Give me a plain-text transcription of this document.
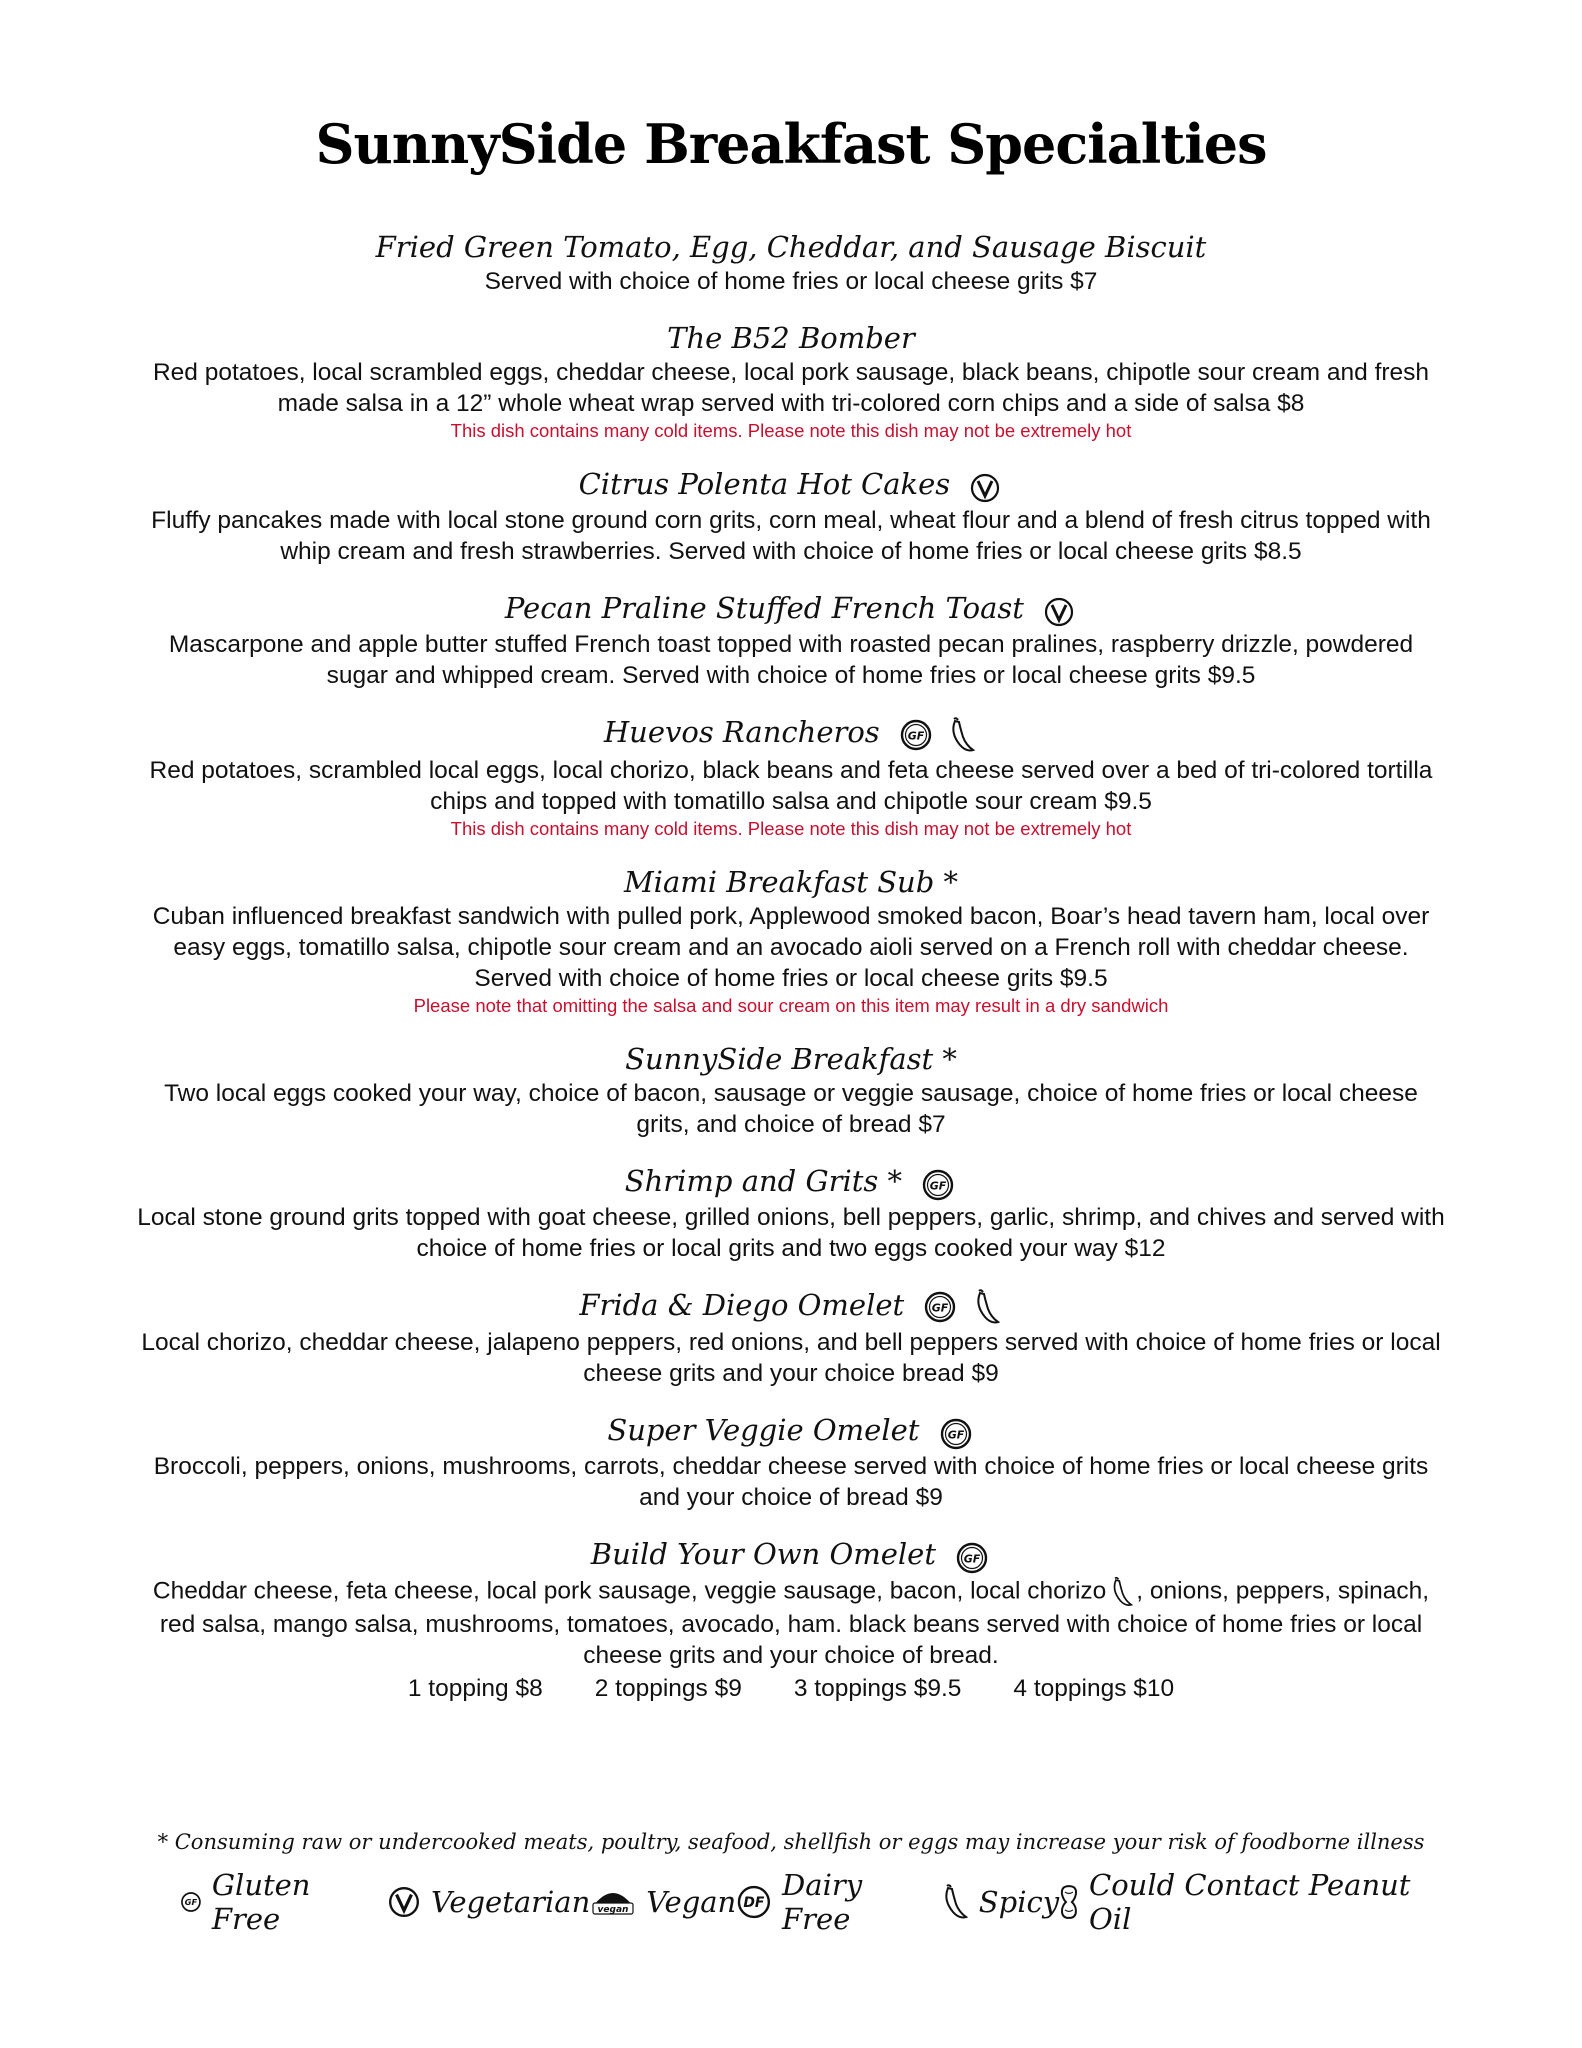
SunnySide Breakfast Specialties
Fried Green Tomato, Egg, Cheddar, and Sausage Biscuit
Served with choice of home fries or local cheese grits $7
The B52 Bomber
Red potatoes, local scrambled eggs, cheddar cheese, local pork sausage, black beans, chipotle sour cream and fresh made salsa in a 12” whole wheat wrap served with tri-colored corn chips and a side of salsa $8
This dish contains many cold items. Please note this dish may not be extremely hot
Citrus Polenta Hot Cakes
Fluffy pancakes made with local stone ground corn grits, corn meal, wheat flour and a blend of fresh citrus topped with whip cream and fresh strawberries. Served with choice of home fries or local cheese grits $8.5
Pecan Praline Stuffed French Toast
Mascarpone and apple butter stuffed French toast topped with roasted pecan pralines, raspberry drizzle, powdered sugar and whipped cream. Served with choice of home fries or local cheese grits $9.5
Huevos Rancheros	GF

Red potatoes, scrambled local eggs, local chorizo, black beans and feta cheese served over a bed of tri-colored tortilla chips and topped with tomatillo salsa and chipotle sour cream $9.5
This dish contains many cold items. Please note this dish may not be extremely hot
Miami Breakfast Sub *
Cuban influenced breakfast sandwich with pulled pork, Applewood smoked bacon, Boar’s head tavern ham, local over easy eggs, tomatillo salsa, chipotle sour cream and an avocado aioli served on a French roll with cheddar cheese. Served with choice of home fries or local cheese grits $9.5
Please note that omitting the salsa and sour cream on this item may result in a dry sandwich
SunnySide Breakfast *
Two local eggs cooked your way, choice of bacon, sausage or veggie sausage, choice of home fries or local cheese grits, and choice of bread $7
Shrimp and Grits *	GF
Local stone ground grits topped with goat cheese, grilled onions, bell peppers, garlic, shrimp, and chives and served with choice of home fries or local grits and two eggs cooked your way $12
Frida & Diego Omelet	GF

Local chorizo, cheddar cheese, jalapeno peppers, red onions, and bell peppers served with choice of home fries or local cheese grits and your choice bread $9
Super Veggie Omelet	GF
Broccoli, peppers, onions, mushrooms, carrots, cheddar cheese served with choice of home fries or local cheese grits and your choice of bread $9
Build Your Own Omelet	GF
Cheddar cheese, feta cheese, local pork sausage, veggie sausage, bacon, local chorizo , onions, peppers, spinach, red salsa, mango salsa, mushrooms, tomatoes, avocado, ham. black beans served with choice of home fries or local cheese grits and your choice of bread.
1 topping $8 2 toppings $9 3 toppings $9.5 4 toppings $10
* Consuming raw or undercooked meats, poultry, seafood, shellfish or eggs may increase your risk of foodborne illness
GF
Gluten Free	Vegetarian vegan Vegan DF
Dairy Free	Spicy Could Contact Peanut Oil
